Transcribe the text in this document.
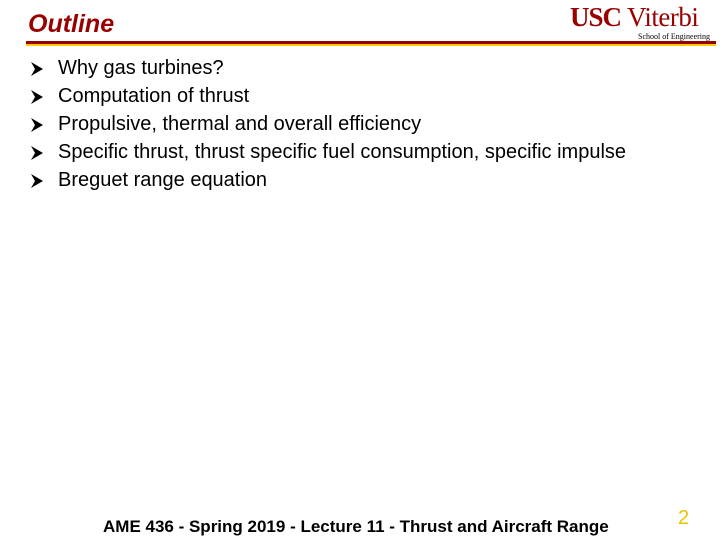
Outline	USC Viterbi
School of Engineering
Why gas turbines?
Computation of thrust
Propulsive, thermal and overall efficiency
Specific thrust, thrust specific fuel consumption, specific impulse
Breguet range equation
AME 436 - Spring 2019 - Lecture 11 - Thrust and Aircraft Range	2
